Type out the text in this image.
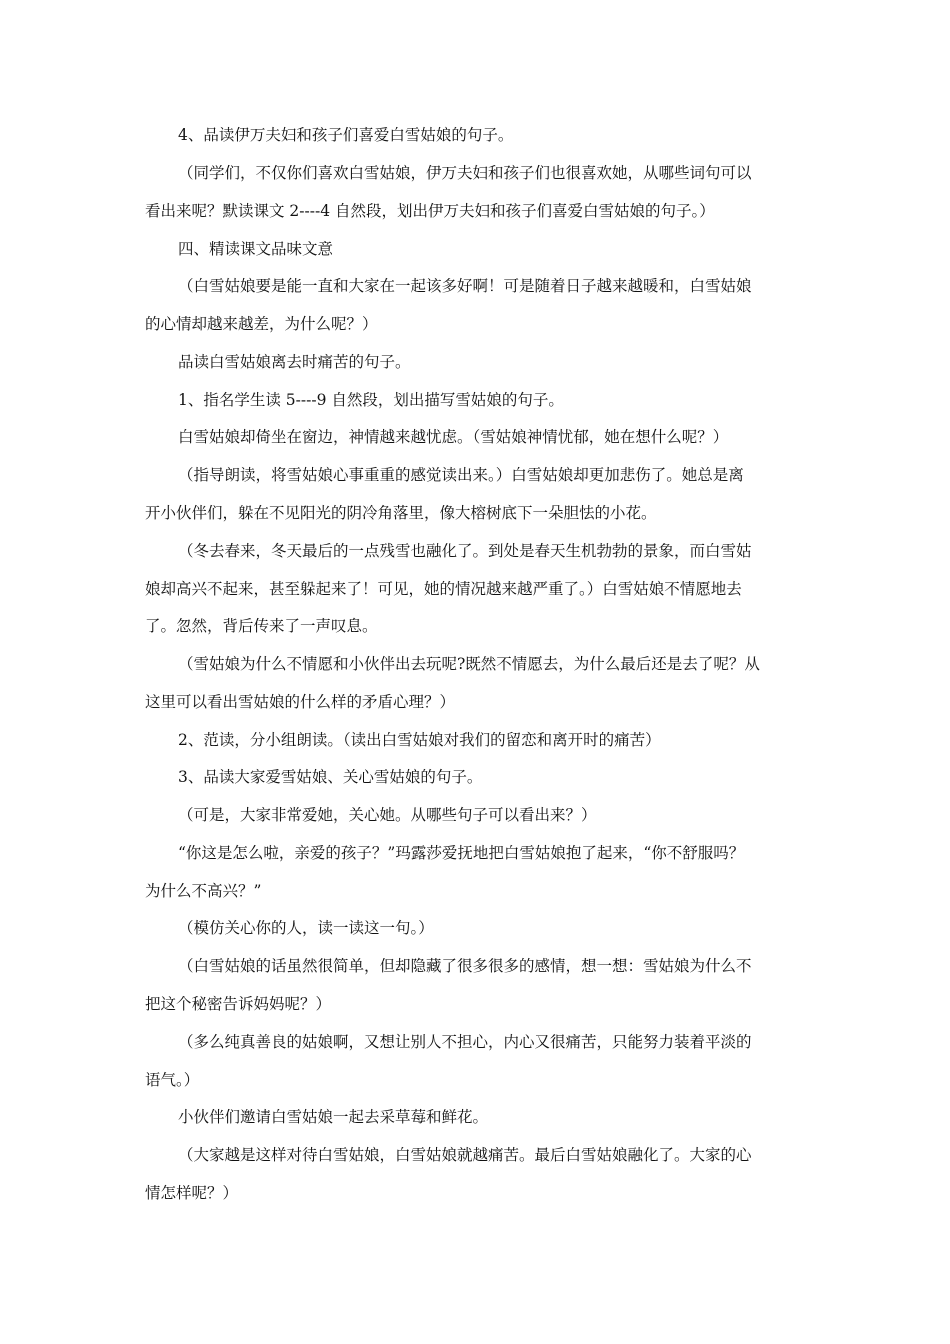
4、品读伊万夫妇和孩子们喜爱白雪姑娘的句子。
（同学们，不仅你们喜欢白雪姑娘，伊万夫妇和孩子们也很喜欢她，从哪些词句可以
看出来呢？默读课文 2----4 自然段，划出伊万夫妇和孩子们喜爱白雪姑娘的句子。）
四、精读课文品味文意
（白雪姑娘要是能一直和大家在一起该多好啊！可是随着日子越来越暖和，白雪姑娘
的心情却越来越差，为什么呢？）
品读白雪姑娘离去时痛苦的句子。
1、指名学生读 5----9 自然段，划出描写雪姑娘的句子。
白雪姑娘却倚坐在窗边，神情越来越忧虑。（雪姑娘神情忧郁，她在想什么呢？）
（指导朗读，将雪姑娘心事重重的感觉读出来。）白雪姑娘却更加悲伤了。她总是离
开小伙伴们，躲在不见阳光的阴冷角落里，像大榕树底下一朵胆怯的小花。
（冬去春来，冬天最后的一点残雪也融化了。到处是春天生机勃勃的景象，而白雪姑
娘却高兴不起来，甚至躲起来了！可见，她的情况越来越严重了。）白雪姑娘不情愿地去
了。忽然，背后传来了一声叹息。
（雪姑娘为什么不情愿和小伙伴出去玩呢?既然不情愿去，为什么最后还是去了呢？从
这里可以看出雪姑娘的什么样的矛盾心理？）
2、范读，分小组朗读。（读出白雪姑娘对我们的留恋和离开时的痛苦）
3、品读大家爱雪姑娘、关心雪姑娘的句子。
（可是，大家非常爱她，关心她。从哪些句子可以看出来？）
“你这是怎么啦，亲爱的孩子？”玛露莎爱抚地把白雪姑娘抱了起来，“你不舒服吗？
为什么不高兴？”
（模仿关心你的人，读一读这一句。）
（白雪姑娘的话虽然很简单，但却隐藏了很多很多的感情，想一想：雪姑娘为什么不
把这个秘密告诉妈妈呢？）
（多么纯真善良的姑娘啊，又想让别人不担心，内心又很痛苦，只能努力装着平淡的
语气。）
小伙伴们邀请白雪姑娘一起去采草莓和鲜花。
（大家越是这样对待白雪姑娘，白雪姑娘就越痛苦。最后白雪姑娘融化了。大家的心
情怎样呢？）
